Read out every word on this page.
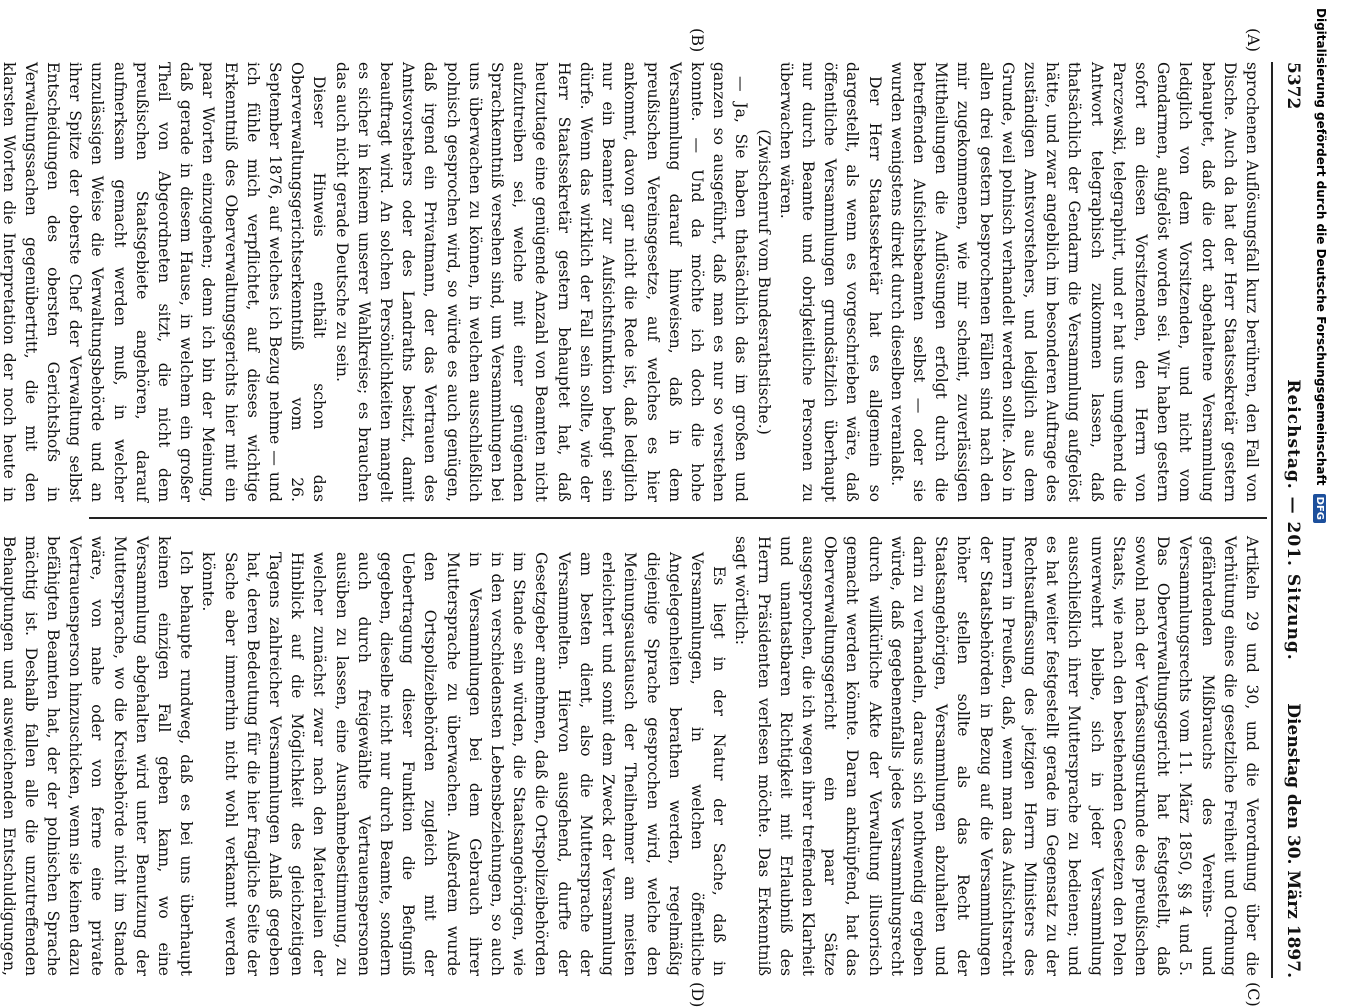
5372
Reichstag. — 201. Sitzung.
Dienstag den 30. März 1897.
(A)
(B)
(C)
(D)

sprochenen Auflösungsfall kurz berühren, den Fall von Dische. Auch da hat der Herr Staatssekretär gestern behauptet, daß die dort abgehaltene Versammlung lediglich von dem Vorsitzenden, und nicht vom Gendarmen, aufgelöst worden sei. Wir haben gestern sofort an diesen Vorsitzenden, den Herrn von Parczewski, telegraphirt, und er hat uns umgehend die Antwort telegraphisch zukommen lassen, daß thatsächlich der Gendarm die Versammlung aufgelöst hätte, und zwar angeblich im besonderen Auftrage des zuständigen Amtsvorstehers, und lediglich aus dem Grunde, weil polnisch verhandelt werden sollte. Also in allen drei gestern besprochenen Fällen sind nach den mir zugekommenen, wie mir scheint, zuverlässigen Mittheilungen die Auflösungen erfolgt durch die betreffenden Aufsichtsbeamten selbst — oder sie wurden wenigstens direkt durch dieselben veranlaßt.

Der Herr Staatssekretär hat es allgemein so dargestellt, als wenn es vorgeschrieben wäre, daß öffentliche Versammlungen grundsätzlich überhaupt nur durch Beamte und obrigkeitliche Personen zu überwachen wären.

(Zwischenruf vom Bundesrathstische.)

— Ja, Sie haben thatsächlich das im großen und ganzen so ausgeführt, daß man es nur so verstehen konnte. — Und da möchte ich doch die hohe Versammlung darauf hinweisen, daß in dem preußischen Vereinsgesetze, auf welches es hier ankommt, davon gar nicht die Rede ist, daß lediglich nur ein Beamter zur Aufsichtsfunktion befugt sein dürfe. Wenn das wirklich der Fall sein sollte, wie der Herr Staatssekretär gestern behauptet hat, daß heutzutage eine genügende Anzahl von Beamten nicht aufzutreiben sei, welche mit einer genügenden Sprachkenntniß versehen sind, um Versammlungen bei uns überwachen zu können, in welchen ausschließlich polnisch gesprochen wird, so würde es auch genügen, daß irgend ein Privatmann, der das Vertrauen des Amtsvorstehers oder des Landraths besitzt, damit beauftragt wird. An solchen Persönlichkeiten mangelt es sicher in keinem unserer Wahlkreise; es brauchen das auch nicht gerade Deutsche zu sein.

Dieser Hinweis enthält schon das Oberverwaltungsgerichtserkenntniß vom 26. September 1876, auf welches ich Bezug nehme — und ich fühle mich verpflichtet, auf dieses wichtige Erkenntniß des Oberverwaltungsgerichts hier mit ein paar Worten einzugehen; denn ich bin der Meinung, daß gerade in diesem Hause, in welchem ein großer Theil von Abgeordneten sitzt, die nicht dem preußischen Staatsgebiete angehören, darauf aufmerksam gemacht werden muß, in welcher unzulässigen Weise die Verwaltungsbehörde und an ihrer Spitze der oberste Chef der Verwaltung selbst Entscheidungen des obersten Gerichtshofs in Verwaltungssachen gegenübertritt, die mit den klarsten Worten die Interpretation der noch heute in

Artikeln 29 und 30, und die Verordnung über die Verhütung eines die gesetzliche Freiheit und Ordnung gefährdenden Mißbrauchs des Vereins- und Versammlungsrechts vom 11. März 1850, §§ 4 und 5. Das Oberverwaltungsgericht hat festgestellt, daß sowohl nach der Verfassungsurkunde des preußischen Staats, wie nach den bestehenden Gesetzen den Polen unverwehrt bleibe, sich in jeder Versammlung ausschließlich ihrer Muttersprache zu bedienen; und es hat weiter festgestellt gerade im Gegensatz zu der Rechtsauffassung des jetzigen Herrn Ministers des Innern in Preußen, daß, wenn man das Aufsichtsrecht der Staatsbehörden in Bezug auf die Versammlungen höher stellen sollte als das Recht der Staatsangehörigen, Versammlungen abzuhalten und darin zu verhandeln, daraus sich nothwendig ergeben würde, daß gegebenenfalls jedes Versammlungsrecht durch willkürliche Akte der Verwaltung illusorisch gemacht werden könnte. Daran anknüpfend, hat das Oberverwaltungsgericht ein paar Sätze ausgesprochen, die ich wegen ihrer treffenden Klarheit und unantastbaren Richtigkeit mit Erlaubniß des Herrn Präsidenten verlesen möchte. Das Erkenntniß sagt wörtlich:

Es liegt in der Natur der Sache, daß in Versammlungen, in welchen öffentliche Angelegenheiten berathen werden, regelmäßig diejenige Sprache gesprochen wird, welche den Meinungsaustausch der Theilnehmer am meisten erleichtert und somit dem Zweck der Versammlung am besten dient, also die Muttersprache der Versammelten. Hiervon ausgehend, durfte der Gesetzgeber annehmen, daß die Ortspolizeibehörden im Stande sein würden, die Staatsangehörigen, wie in den verschiedensten Lebensbeziehungen, so auch in Versammlungen bei dem Gebrauch ihrer Muttersprache zu überwachen. Außerdem wurde den Ortspolizeibehörden zugleich mit der Uebertragung dieser Funktion die Befugniß gegeben, dieselbe nicht nur durch Beamte, sondern auch durch freigewählte Vertrauenspersonen ausüben zu lassen, eine Ausnahmebestimmung, zu welcher zunächst zwar nach den Materialien der Hinblick auf die Möglichkeit des gleichzeitigen Tagens zahlreicher Versammlungen Anlaß gegeben hat, deren Bedeutung für die hier fragliche Seite der Sache aber immerhin nicht wohl verkannt werden könnte.

Ich behaupte rundweg, daß es bei uns überhaupt keinen einzigen Fall geben kann, wo eine Versammlung abgehalten wird unter Benutzung der Muttersprache, wo die Kreisbehörde nicht im Stande wäre, von nahe oder von ferne eine private Vertrauensperson hinzuschicken, wenn sie keinen dazu befähigten Beamten hat, der der polnischen Sprache mächtig ist. Deshalb fallen alle die unzutreffenden Behauptungen und ausweichenden Entschuldigungen,

Digitalisierung gefördert durch die Deutsche Forschungsgemeinschaft DFG
